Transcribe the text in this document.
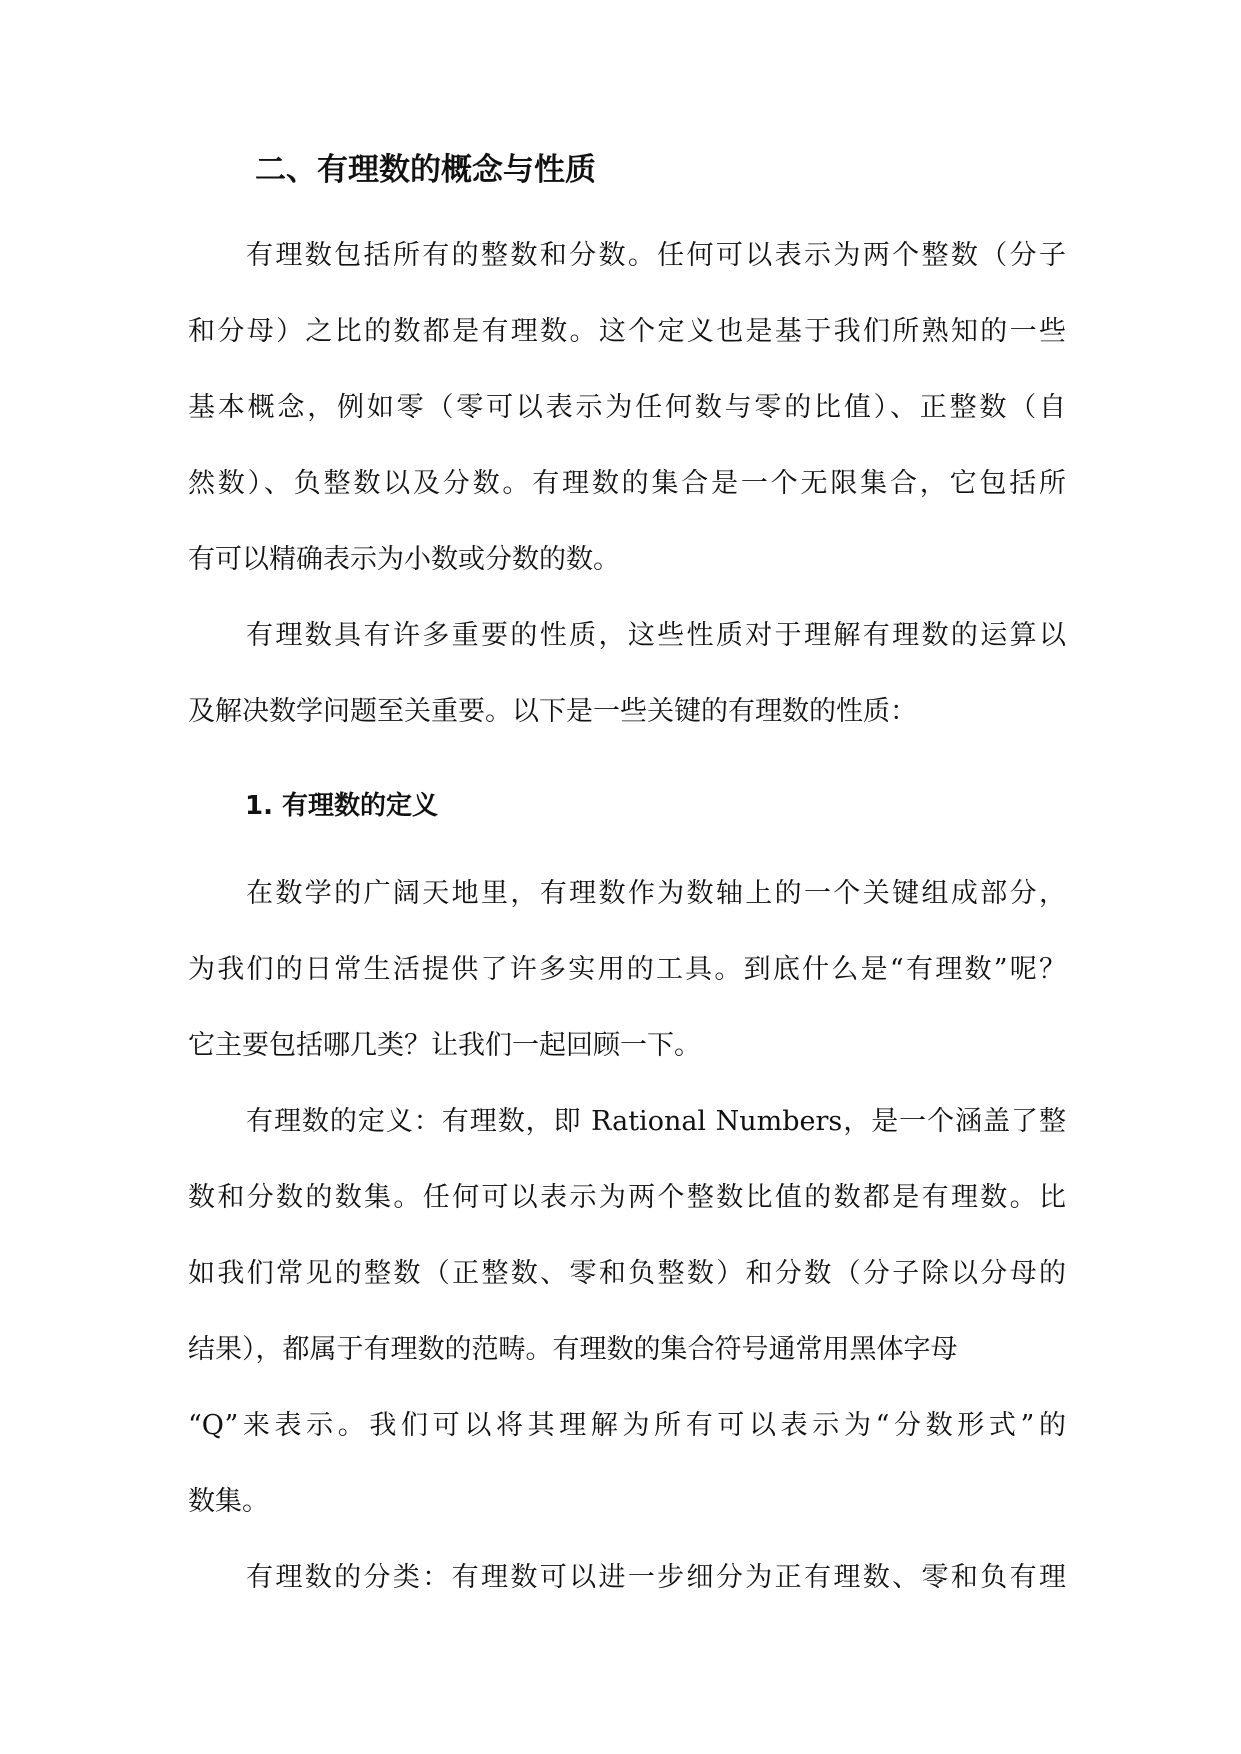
二、有理数的概念与性质

有理数包括所有的整数和分数。任何可以表示为两个整数（分子
和分母）之比的数都是有理数。这个定义也是基于我们所熟知的一些
基本概念，例如零（零可以表示为任何数与零的比值）、正整数（自
然数）、负整数以及分数。有理数的集合是一个无限集合，它包括所
有可以精确表示为小数或分数的数。

有理数具有许多重要的性质，这些性质对于理解有理数的运算以
及解决数学问题至关重要。以下是一些关键的有理数的性质：

1. 有理数的定义

在数学的广阔天地里，有理数作为数轴上的一个关键组成部分，
为我们的日常生活提供了许多实用的工具。到底什么是“有理数”呢？
它主要包括哪几类？让我们一起回顾一下。

有理数的定义：有理数，即 Rational Numbers，是一个涵盖了整
数和分数的数集。任何可以表示为两个整数比值的数都是有理数。比
如我们常见的整数（正整数、零和负整数）和分数（分子除以分母的
结果），都属于有理数的范畴。有理数的集合符号通常用黑体字母
“Q”来表示。我们可以将其理解为所有可以表示为“分数形式”的
数集。

有理数的分类：有理数可以进一步细分为正有理数、零和负有理
